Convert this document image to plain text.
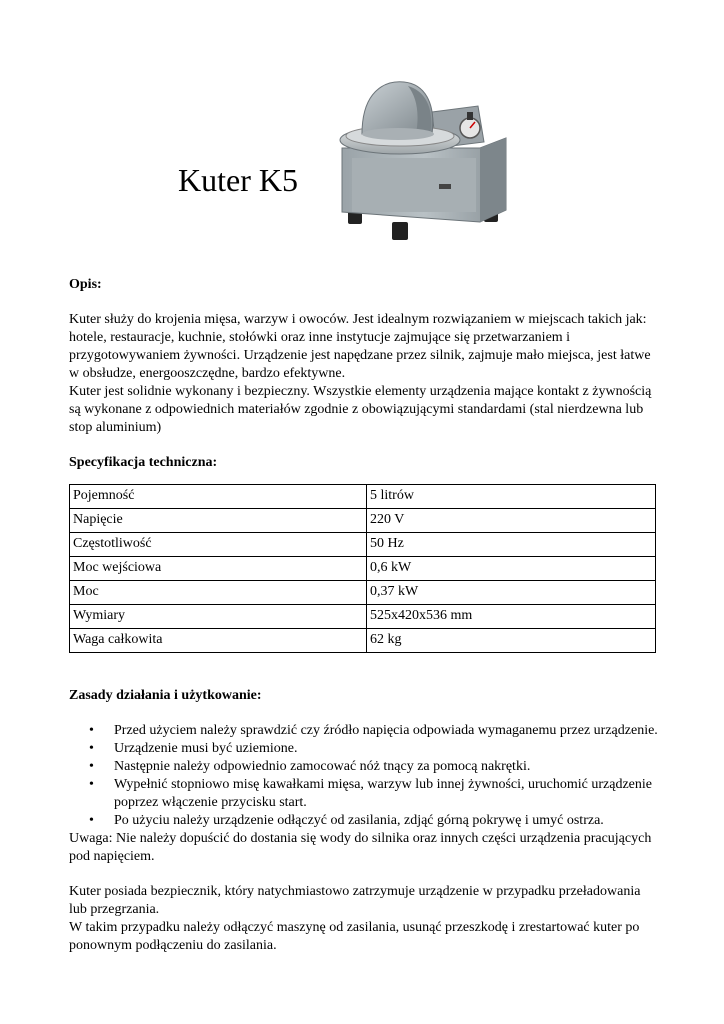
Kuter K5
Opis:

Kuter służy do krojenia mięsa, warzyw i owoców. Jest idealnym rozwiązaniem w miejscach takich jak: hotele, restauracje, kuchnie, stołówki oraz inne instytucje zajmujące się przetwarzaniem i przygotowywaniem żywności. Urządzenie jest napędzane przez silnik, zajmuje mało miejsca, jest łatwe w obsłudze, energooszczędne, bardzo efektywne.

Kuter jest solidnie wykonany i bezpieczny. Wszystkie elementy urządzenia mające kontakt z żywnością są wykonane z odpowiednich materiałów zgodnie z obowiązującymi standardami (stal nierdzewna lub stop aluminium)

Specyfikacja techniczna:
Pojemność	5 litrów
Napięcie	220 V
Częstotliwość	50 Hz
Moc wejściowa	0,6 kW
Moc	0,37 kW
Wymiary	525x420x536 mm
Waga całkowita	62 kg
Zasady działania i użytkowanie:
• Przed użyciem należy sprawdzić czy źródło napięcia odpowiada wymaganemu przez urządzenie.
• Urządzenie musi być uziemione.
• Następnie należy odpowiednio zamocować nóż tnący za pomocą nakrętki.
• Wypełnić stopniowo misę kawałkami mięsa, warzyw lub innej żywności, uruchomić urządzenie poprzez włączenie przycisku start.
• Po użyciu należy urządzenie odłączyć od zasilania, zdjąć górną pokrywę i umyć ostrza.

Uwaga: Nie należy dopuścić do dostania się wody do silnika oraz innych części urządzenia pracujących pod napięciem.

Kuter posiada bezpiecznik, który natychmiastowo zatrzymuje urządzenie w przypadku przeładowania lub przegrzania.

W takim przypadku należy odłączyć maszynę od zasilania, usunąć przeszkodę i zrestartować kuter po ponownym podłączeniu do zasilania.
